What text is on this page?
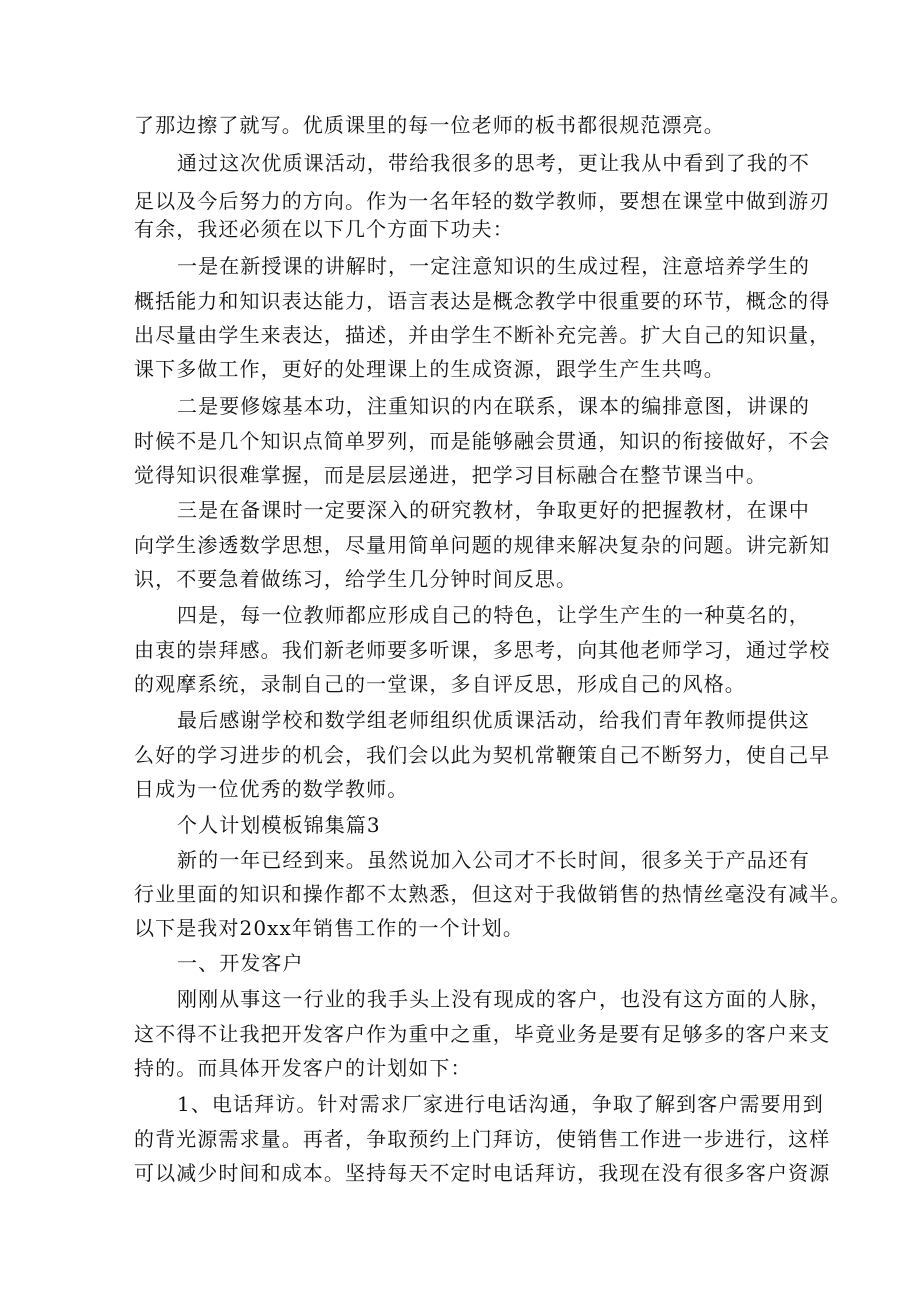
了那边擦了就写。优质课里的每一位老师的板书都很规范漂亮。
通过这次优质课活动，带给我很多的思考，更让我从中看到了我的不
足以及今后努力的方向。作为一名年轻的数学教师，要想在课堂中做到游刃
有余，我还必须在以下几个方面下功夫：
一是在新授课的讲解时，一定注意知识的生成过程，注意培养学生的
概括能力和知识表达能力，语言表达是概念教学中很重要的环节，概念的得
出尽量由学生来表达，描述，并由学生不断补充完善。扩大自己的知识量，
课下多做工作，更好的处理课上的生成资源，跟学生产生共鸣。
二是要修嫁基本功，注重知识的内在联系，课本的编排意图，讲课的
时候不是几个知识点简单罗列，而是能够融会贯通，知识的衔接做好，不会
觉得知识很难掌握，而是层层递进，把学习目标融合在整节课当中。
三是在备课时一定要深入的研究教材，争取更好的把握教材，在课中
向学生渗透数学思想，尽量用简单问题的规律来解决复杂的问题。讲完新知
识，不要急着做练习，给学生几分钟时间反思。
四是，每一位教师都应形成自己的特色，让学生产生的一种莫名的，
由衷的崇拜感。我们新老师要多听课，多思考，向其他老师学习，通过学校
的观摩系统，录制自己的一堂课，多自评反思，形成自己的风格。
最后感谢学校和数学组老师组织优质课活动，给我们青年教师提供这
么好的学习进步的机会，我们会以此为契机常鞭策自己不断努力，使自己早
日成为一位优秀的数学教师。
个人计划模板锦集篇3
新的一年已经到来。虽然说加入公司才不长时间，很多关于产品还有
行业里面的知识和操作都不太熟悉，但这对于我做销售的热情丝毫没有减半。
以下是我对20xx年销售工作的一个计划。
一、开发客户
刚刚从事这一行业的我手头上没有现成的客户，也没有这方面的人脉，
这不得不让我把开发客户作为重中之重，毕竟业务是要有足够多的客户来支
持的。而具体开发客户的计划如下：
1、电话拜访。针对需求厂家进行电话沟通，争取了解到客户需要用到
的背光源需求量。再者，争取预约上门拜访，使销售工作进一步进行，这样
可以减少时间和成本。坚持每天不定时电话拜访，我现在没有很多客户资源
